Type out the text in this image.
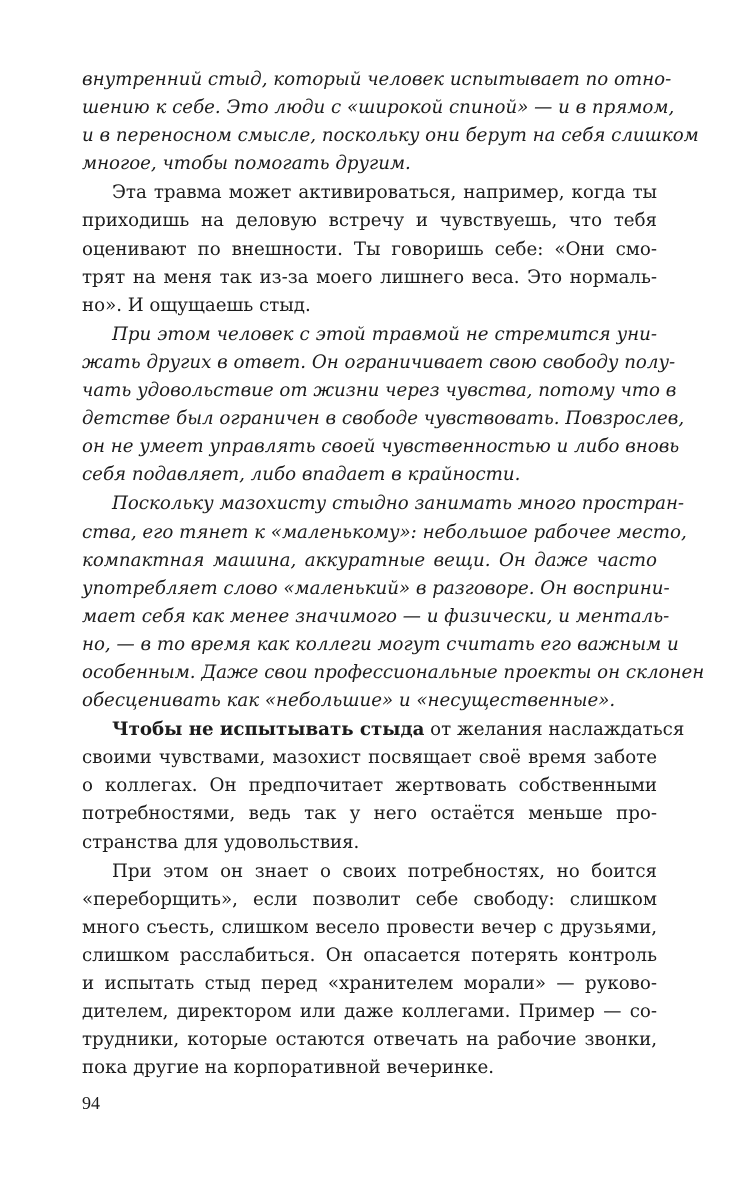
внутренний стыд, который человек испытывает по отно-
шению к себе. Это люди с «широкой спиной» — и в прямом,
и в переносном смысле, поскольку они берут на себя слишком
многое, чтобы помогать другим.

Эта травма может активироваться, например, когда ты
приходишь на деловую встречу и чувствуешь, что тебя
оценивают по внешности. Ты говоришь себе: «Они смо-
трят на меня так из-за моего лишнего веса. Это нормаль-
но». И ощущаешь стыд.

При этом человек с этой травмой не стремится уни-
жать других в ответ. Он ограничивает свою свободу полу-
чать удовольствие от жизни через чувства, потому что в
детстве был ограничен в свободе чувствовать. Повзрослев,
он не умеет управлять своей чувственностью и либо вновь
себя подавляет, либо впадает в крайности.

Поскольку мазохисту стыдно занимать много простран-
ства, его тянет к «маленькому»: небольшое рабочее место,
компактная машина, аккуратные вещи. Он даже часто
употребляет слово «маленький» в разговоре. Он восприни-
мает себя как менее значимого — и физически, и менталь-
но, — в то время как коллеги могут считать его важным и
особенным. Даже свои профессиональные проекты он склонен
обесценивать как «небольшие» и «несущественные».

Чтобы не испытывать стыда от желания наслаждаться
своими чувствами, мазохист посвящает своё время заботе
о коллегах. Он предпочитает жертвовать собственными
потребностями, ведь так у него остаётся меньше про-
странства для удовольствия.

При этом он знает о своих потребностях, но боится
«переборщить», если позволит себе свободу: слишком
много съесть, слишком весело провести вечер с друзьями,
слишком расслабиться. Он опасается потерять контроль
и испытать стыд перед «хранителем морали» — руково-
дителем, директором или даже коллегами. Пример — со-
трудники, которые остаются отвечать на рабочие звонки,
пока другие на корпоративной вечеринке.

94
